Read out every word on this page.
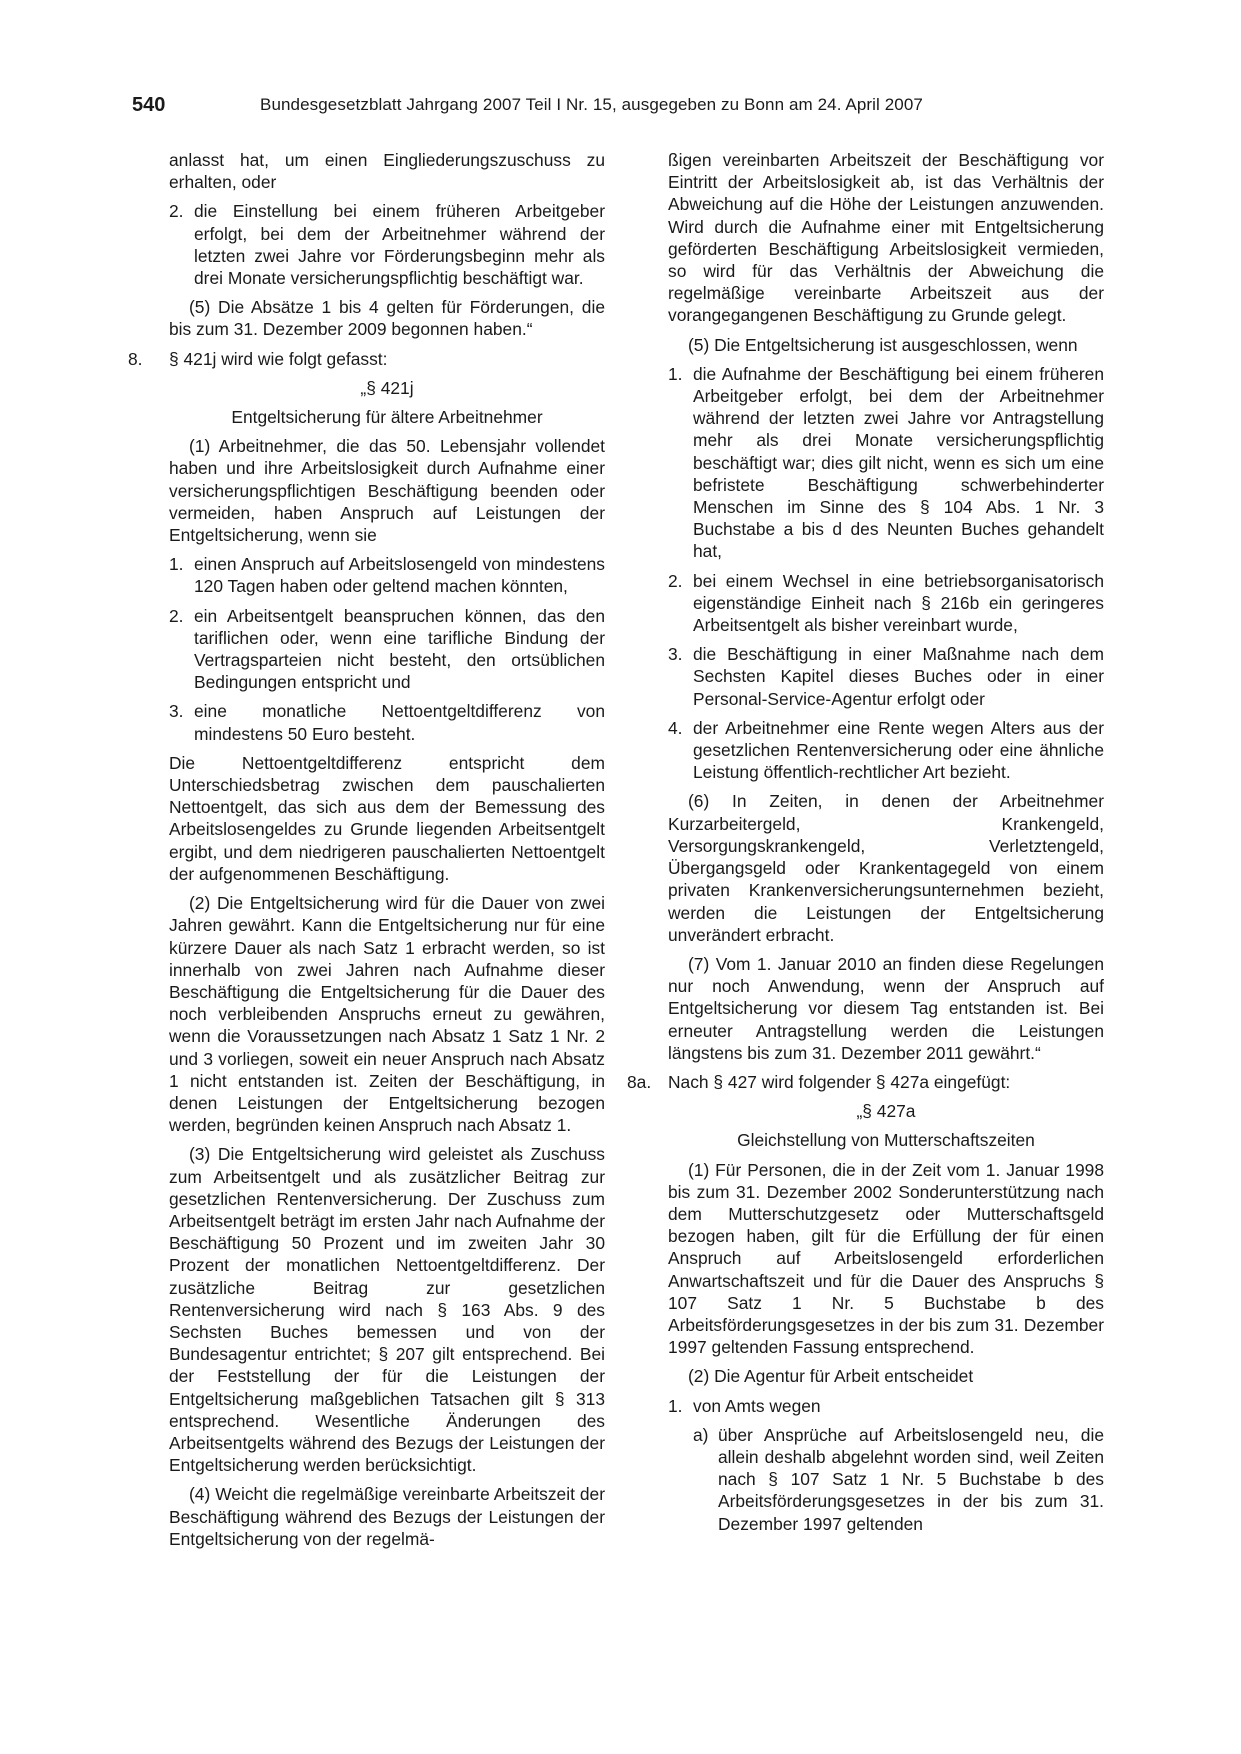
540	Bundesgesetzblatt Jahrgang 2007 Teil I Nr. 15, ausgegeben zu Bonn am 24. April 2007

anlasst hat, um einen Eingliederungszuschuss zu erhalten, oder

2. die Einstellung bei einem früheren Arbeitgeber erfolgt, bei dem der Arbeitnehmer während der letzten zwei Jahre vor Förderungsbeginn mehr als drei Monate versicherungspflichtig beschäftigt war.

(5) Die Absätze 1 bis 4 gelten für Förderungen, die bis zum 31. Dezember 2009 begonnen haben.“

8. § 421j wird wie folgt gefasst:

„§ 421j

Entgeltsicherung für ältere Arbeitnehmer

(1) Arbeitnehmer, die das 50. Lebensjahr vollendet haben und ihre Arbeitslosigkeit durch Aufnahme einer versicherungspflichtigen Beschäftigung beenden oder vermeiden, haben Anspruch auf Leistungen der Entgeltsicherung, wenn sie

1. einen Anspruch auf Arbeitslosengeld von mindestens 120 Tagen haben oder geltend machen könnten,
2. ein Arbeitsentgelt beanspruchen können, das den tariflichen oder, wenn eine tarifliche Bindung der Vertragsparteien nicht besteht, den ortsüblichen Bedingungen entspricht und
3. eine monatliche Nettoentgeltdifferenz von mindestens 50 Euro besteht.

Die Nettoentgeltdifferenz entspricht dem Unterschiedsbetrag zwischen dem pauschalierten Nettoentgelt, das sich aus dem der Bemessung des Arbeitslosengeldes zu Grunde liegenden Arbeitsentgelt ergibt, und dem niedrigeren pauschalierten Nettoentgelt der aufgenommenen Beschäftigung.

(2) Die Entgeltsicherung wird für die Dauer von zwei Jahren gewährt. Kann die Entgeltsicherung nur für eine kürzere Dauer als nach Satz 1 erbracht werden, so ist innerhalb von zwei Jahren nach Aufnahme dieser Beschäftigung die Entgeltsicherung für die Dauer des noch verbleibenden Anspruchs erneut zu gewähren, wenn die Voraussetzungen nach Absatz 1 Satz 1 Nr. 2 und 3 vorliegen, soweit ein neuer Anspruch nach Absatz 1 nicht entstanden ist. Zeiten der Beschäftigung, in denen Leistungen der Entgeltsicherung bezogen werden, begründen keinen Anspruch nach Absatz 1.

(3) Die Entgeltsicherung wird geleistet als Zuschuss zum Arbeitsentgelt und als zusätzlicher Beitrag zur gesetzlichen Rentenversicherung. Der Zuschuss zum Arbeitsentgelt beträgt im ersten Jahr nach Aufnahme der Beschäftigung 50 Prozent und im zweiten Jahr 30 Prozent der monatlichen Nettoentgeltdifferenz. Der zusätzliche Beitrag zur gesetzlichen Rentenversicherung wird nach § 163 Abs. 9 des Sechsten Buches bemessen und von der Bundesagentur entrichtet; § 207 gilt entsprechend. Bei der Feststellung der für die Leistungen der Entgeltsicherung maßgeblichen Tatsachen gilt § 313 entsprechend. Wesentliche Änderungen des Arbeitsentgelts während des Bezugs der Leistungen der Entgeltsicherung werden berücksichtigt.

(4) Weicht die regelmäßige vereinbarte Arbeitszeit der Beschäftigung während des Bezugs der Leistungen der Entgeltsicherung von der regelmä-

ßigen vereinbarten Arbeitszeit der Beschäftigung vor Eintritt der Arbeitslosigkeit ab, ist das Verhältnis der Abweichung auf die Höhe der Leistungen anzuwenden. Wird durch die Aufnahme einer mit Entgeltsicherung geförderten Beschäftigung Arbeitslosigkeit vermieden, so wird für das Verhältnis der Abweichung die regelmäßige vereinbarte Arbeitszeit aus der vorangegangenen Beschäftigung zu Grunde gelegt.

(5) Die Entgeltsicherung ist ausgeschlossen, wenn

1. die Aufnahme der Beschäftigung bei einem früheren Arbeitgeber erfolgt, bei dem der Arbeitnehmer während der letzten zwei Jahre vor Antragstellung mehr als drei Monate versicherungspflichtig beschäftigt war; dies gilt nicht, wenn es sich um eine befristete Beschäftigung schwerbehinderter Menschen im Sinne des § 104 Abs. 1 Nr. 3 Buchstabe a bis d des Neunten Buches gehandelt hat,
2. bei einem Wechsel in eine betriebsorganisatorisch eigenständige Einheit nach § 216b ein geringeres Arbeitsentgelt als bisher vereinbart wurde,
3. die Beschäftigung in einer Maßnahme nach dem Sechsten Kapitel dieses Buches oder in einer Personal-Service-Agentur erfolgt oder
4. der Arbeitnehmer eine Rente wegen Alters aus der gesetzlichen Rentenversicherung oder eine ähnliche Leistung öffentlich-rechtlicher Art bezieht.

(6) In Zeiten, in denen der Arbeitnehmer Kurzarbeitergeld, Krankengeld, Versorgungskrankengeld, Verletztengeld, Übergangsgeld oder Krankentagegeld von einem privaten Krankenversicherungsunternehmen bezieht, werden die Leistungen der Entgeltsicherung unverändert erbracht.

(7) Vom 1. Januar 2010 an finden diese Regelungen nur noch Anwendung, wenn der Anspruch auf Entgeltsicherung vor diesem Tag entstanden ist. Bei erneuter Antragstellung werden die Leistungen längstens bis zum 31. Dezember 2011 gewährt.“

8a. Nach § 427 wird folgender § 427a eingefügt:

„§ 427a

Gleichstellung von Mutterschaftszeiten

(1) Für Personen, die in der Zeit vom 1. Januar 1998 bis zum 31. Dezember 2002 Sonderunterstützung nach dem Mutterschutzgesetz oder Mutterschaftsgeld bezogen haben, gilt für die Erfüllung der für einen Anspruch auf Arbeitslosengeld erforderlichen Anwartschaftszeit und für die Dauer des Anspruchs § 107 Satz 1 Nr. 5 Buchstabe b des Arbeitsförderungsgesetzes in der bis zum 31. Dezember 1997 geltenden Fassung entsprechend.

(2) Die Agentur für Arbeit entscheidet

1. von Amts wegen
a) über Ansprüche auf Arbeitslosengeld neu, die allein deshalb abgelehnt worden sind, weil Zeiten nach § 107 Satz 1 Nr. 5 Buchstabe b des Arbeitsförderungsgesetzes in der bis zum 31. Dezember 1997 geltenden
